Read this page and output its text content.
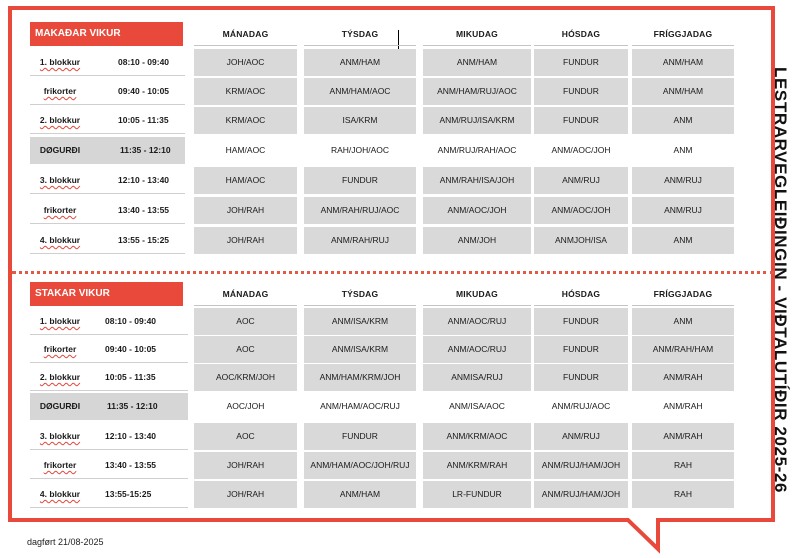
LESTRARVEGLEIÐINGIN - VIÐTALUTÍÐIR 2025-26
MAKAÐAR VIKUR	MÁNADAG	TÝSDAG	MIKUDAG	HÓSDAG	FRÍGGJADAG
1. blokkur	08:10 - 09:40	JOH/AOC	ANM/HAM	ANM/HAM	FUNDUR	ANM/HAM
frikorter	09:40 - 10:05	KRM/AOC	ANM/HAM/AOC	ANM/HAM/RUJ/AOC	FUNDUR	ANM/HAM
2. blokkur	10:05 - 11:35	KRM/AOC	ISA/KRM	ANM/RUJ/ISA/KRM	FUNDUR	ANM
DØGURÐI	11:35 - 12:10	HAM/AOC	RAH/JOH/AOC	ANM/RUJ/RAH/AOC	ANM/AOC/JOH	ANM
3. blokkur	12:10 - 13:40	HAM/AOC	FUNDUR	ANM/RAH/ISA/JOH	ANM/RUJ	ANM/RUJ
frikorter	13:40 - 13:55	JOH/RAH	ANM/RAH/RUJ/AOC	ANM/AOC/JOH	ANM/AOC/JOH	ANM/RUJ
4. blokkur	13:55 - 15:25	JOH/RAH	ANM/RAH/RUJ	ANM/JOH	ANMJOH/ISA	ANM
STAKAR VIKUR	MÁNADAG	TÝSDAG	MIKUDAG	HÓSDAG	FRÍGGJADAG
1. blokkur	08:10 - 09:40	AOC	ANM/ISA/KRM	ANM/AOC/RUJ	FUNDUR	ANM
frikorter	09:40 - 10:05	AOC	ANM/ISA/KRM	ANM/AOC/RUJ	FUNDUR	ANM/RAH/HAM
2. blokkur	10:05 - 11:35	AOC/KRM/JOH	ANM/HAM/KRM/JOH	ANMISA/RUJ	FUNDUR	ANM/RAH
DØGURÐI	11:35 - 12:10	AOC/JOH	ANM/HAM/AOC/RUJ	ANM/ISA/AOC	ANM/RUJ/AOC	ANM/RAH
3. blokkur	12:10 - 13:40	AOC	FUNDUR	ANM/KRM/AOC	ANM/RUJ	ANM/RAH
frikorter	13:40 - 13:55	JOH/RAH	ANM/HAM/AOC/JOH/RUJ	ANM/KRM/RAH	ANM/RUJ/HAM/JOH	RAH
4. blokkur	13:55-15:25	JOH/RAH	ANM/HAM	LR-FUNDUR	ANM/RUJ/HAM/JOH	RAH
dagført 21/08-2025
